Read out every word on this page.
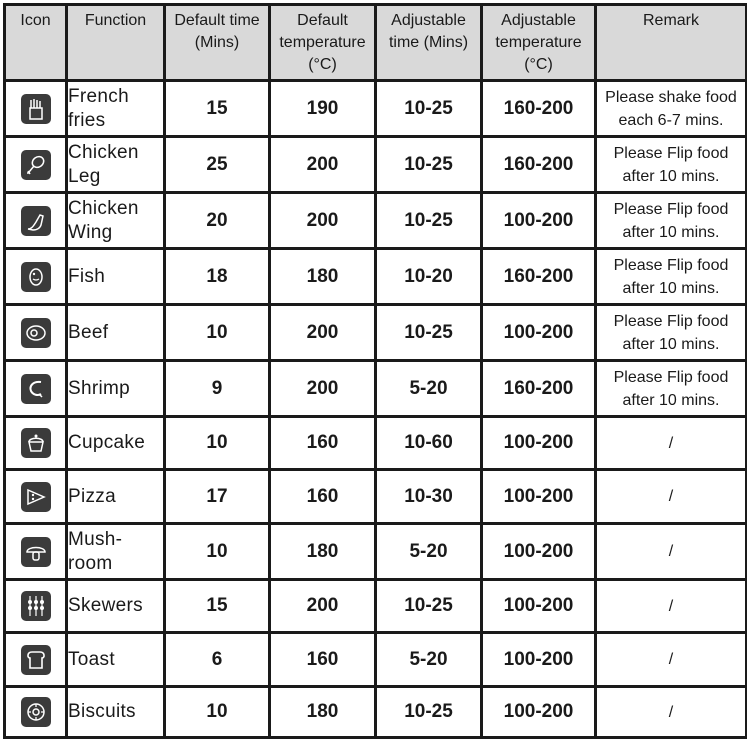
Icon	Function	Default time (Mins)	Default temperature (°C)	Adjustable time (Mins)	Adjustable temperature (°C)	Remark

	French fries	15	190	10-25	160-200	Please shake food each 6-7 mins.

	Chicken Leg	25	200	10-25	160-200	Please Flip food after 10 mins.

	Chicken Wing	20	200	10-25	100-200	Please Flip food after 10 mins.

	Fish	18	180	10-20	160-200	Please Flip food after 10 mins.

	Beef	10	200	10-25	100-200	Please Flip food after 10 mins.

	Shrimp	9	200	5-20	160-200	Please Flip food after 10 mins.

	Cupcake	10	160	10-60	100-200	/

	Pizza	17	160	10-30	100-200	/

	Mush- room	10	180	5-20	100-200	/

	Skewers	15	200	10-25	100-200	/

	Toast	6	160	5-20	100-200	/

	Biscuits	10	180	10-25	100-200	/
